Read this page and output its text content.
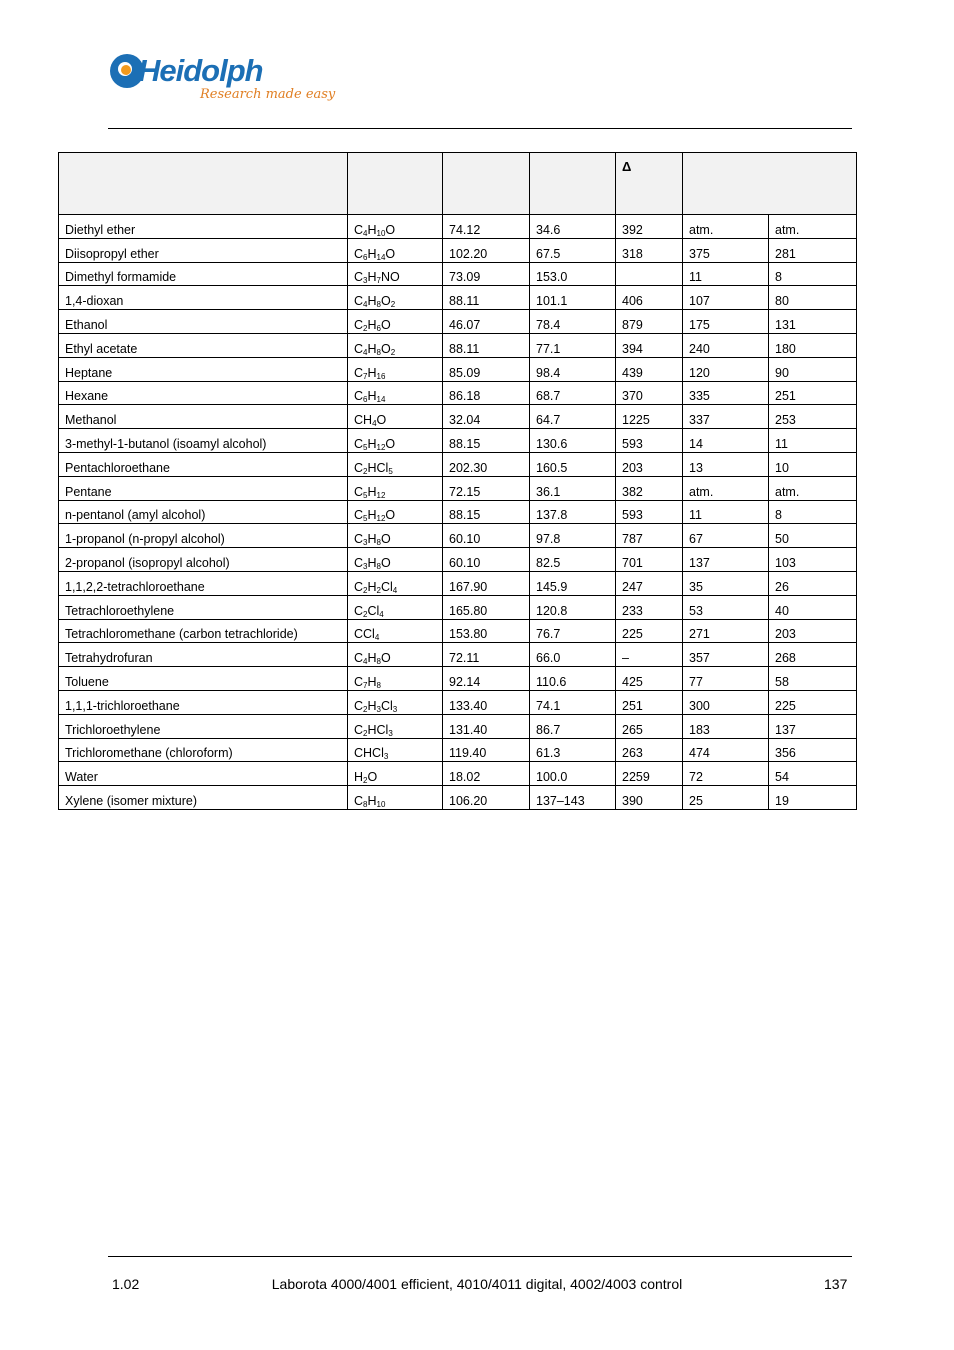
Heidolph
Research made easy
				Δ		
Diethyl ether	$C_4H_{10}O$	74.12	34.6	392	atm.	atm.
Diisopropyl ether	$C_6H_{14}O$	102.20	67.5	318	375	281
Dimethyl formamide	$C_3H_7NO$	73.09	153.0		11	8
1,4-dioxan	$C_4H_8O_2$	88.11	101.1	406	107	80
Ethanol	$C_2H_6O$	46.07	78.4	879	175	131
Ethyl acetate	$C_4H_8O_2$	88.11	77.1	394	240	180
Heptane	$C_7H_{16}$	85.09	98.4	439	120	90
Hexane	$C_6H_{14}$	86.18	68.7	370	335	251
Methanol	$CH_4O$	32.04	64.7	1225	337	253
3-methyl-1-butanol (isoamyl alcohol)	$C_5H_{12}O$	88.15	130.6	593	14	11
Pentachloroethane	$C_2HCl_5$	202.30	160.5	203	13	10
Pentane	$C_5H_{12}$	72.15	36.1	382	atm.	atm.
n-pentanol (amyl alcohol)	$C_5H_{12}O$	88.15	137.8	593	11	8
1-propanol (n-propyl alcohol)	$C_3H_8O$	60.10	97.8	787	67	50
2-propanol (isopropyl alcohol)	$C_3H_8O$	60.10	82.5	701	137	103
1,1,2,2-tetrachloroethane	$C_2H_2Cl_4$	167.90	145.9	247	35	26
Tetrachloroethylene	$C_2Cl_4$	165.80	120.8	233	53	40
Tetrachloromethane (carbon tetrachloride)	CCl$_4$	153.80	76.7	225	271	203
Tetrahydrofuran	$C_4H_8O$	72.11	66.0	–	357	268
Toluene	$C_7H_8$	92.14	110.6	425	77	58
1,1,1-trichloroethane	$C_2H_3Cl_3$	133.40	74.1	251	300	225
Trichloroethylene	$C_2HCl_3$	131.40	86.7	265	183	137
Trichloromethane (chloroform)	CHCl$_3$	119.40	61.3	263	474	356
Water	$H_2O$	18.02	100.0	2259	72	54
Xylene (isomer mixture)	$C_8H_{10}$	106.20	137–143	390	25	19
1.02	Laborota 4000/4001 efficient, 4010/4011 digital, 4002/4003 control	137
